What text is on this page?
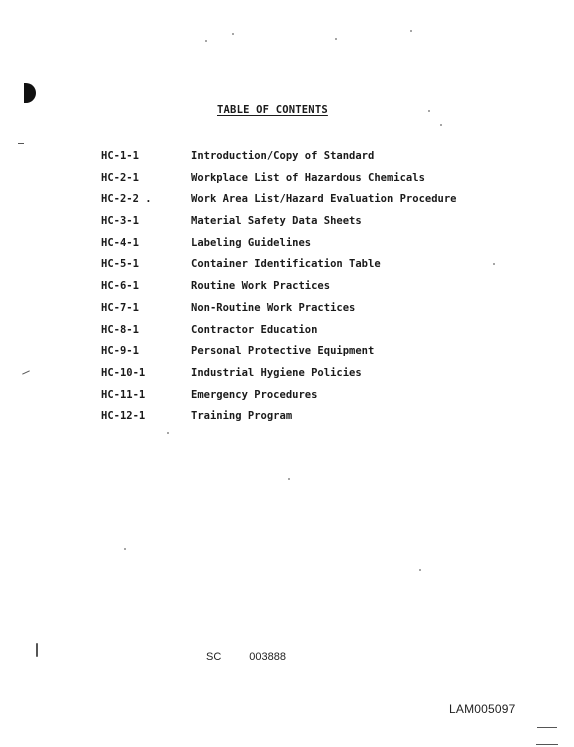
TABLE OF CONTENTS
HC-1-1	Introduction/Copy of Standard
HC-2-1	Workplace List of Hazardous Chemicals
HC-2-2 .	Work Area List/Hazard Evaluation Procedure
HC-3-1	Material Safety Data Sheets
HC-4-1	Labeling Guidelines
HC-5-1	Container Identification Table
HC-6-1	Routine Work Practices
HC-7-1	Non-Routine Work Practices
HC-8-1	Contractor Education
HC-9-1	Personal Protective Equipment
HC-10-1	Industrial Hygiene Policies
HC-11-1	Emergency Procedures
HC-12-1	Training Program
SC	003888
LAM005097
